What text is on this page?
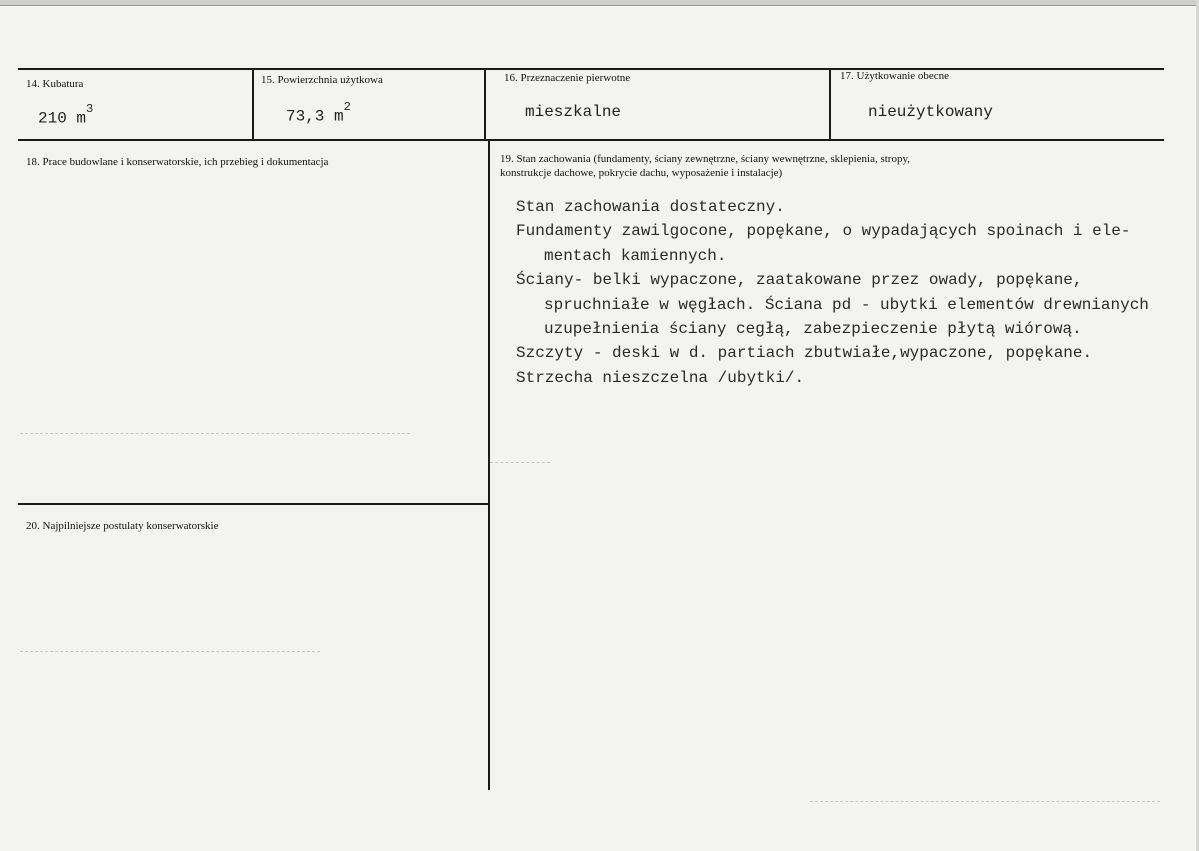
14. Kubatura
210 $m^3$
15. Powierzchnia użytkowa
73,3 $m^2$
16. Przeznaczenie pierwotne
mieszkalne
17. Użytkowanie obecne
nieużytkowany
18. Prace budowlane i konserwatorskie, ich przebieg i dokumentacja	19. Stan zachowania (fundamenty, ściany zewnętrzne, ściany wewnętrzne, sklepienia, stropy,
konstrukcje dachowe, pokrycie dachu, wyposażenie i instalacje)
Stan zachowania dostateczny.
Fundamenty zawilgocone, popękane, o wypadających spoinach i ele-
mentach kamiennych.
Ściany- belki wypaczone, zaatakowane przez owady, popękane,
spruchniałe w węgłach. Ściana pd - ubytki elementów drewnianych
uzupełnienia ściany cegłą, zabezpieczenie płytą wiórową.
Szczyty - deski w d. partiach zbutwiałe,wypaczone, popękane.
Strzecha nieszczelna /ubytki/.
20. Najpilniejsze postulaty konserwatorskie
